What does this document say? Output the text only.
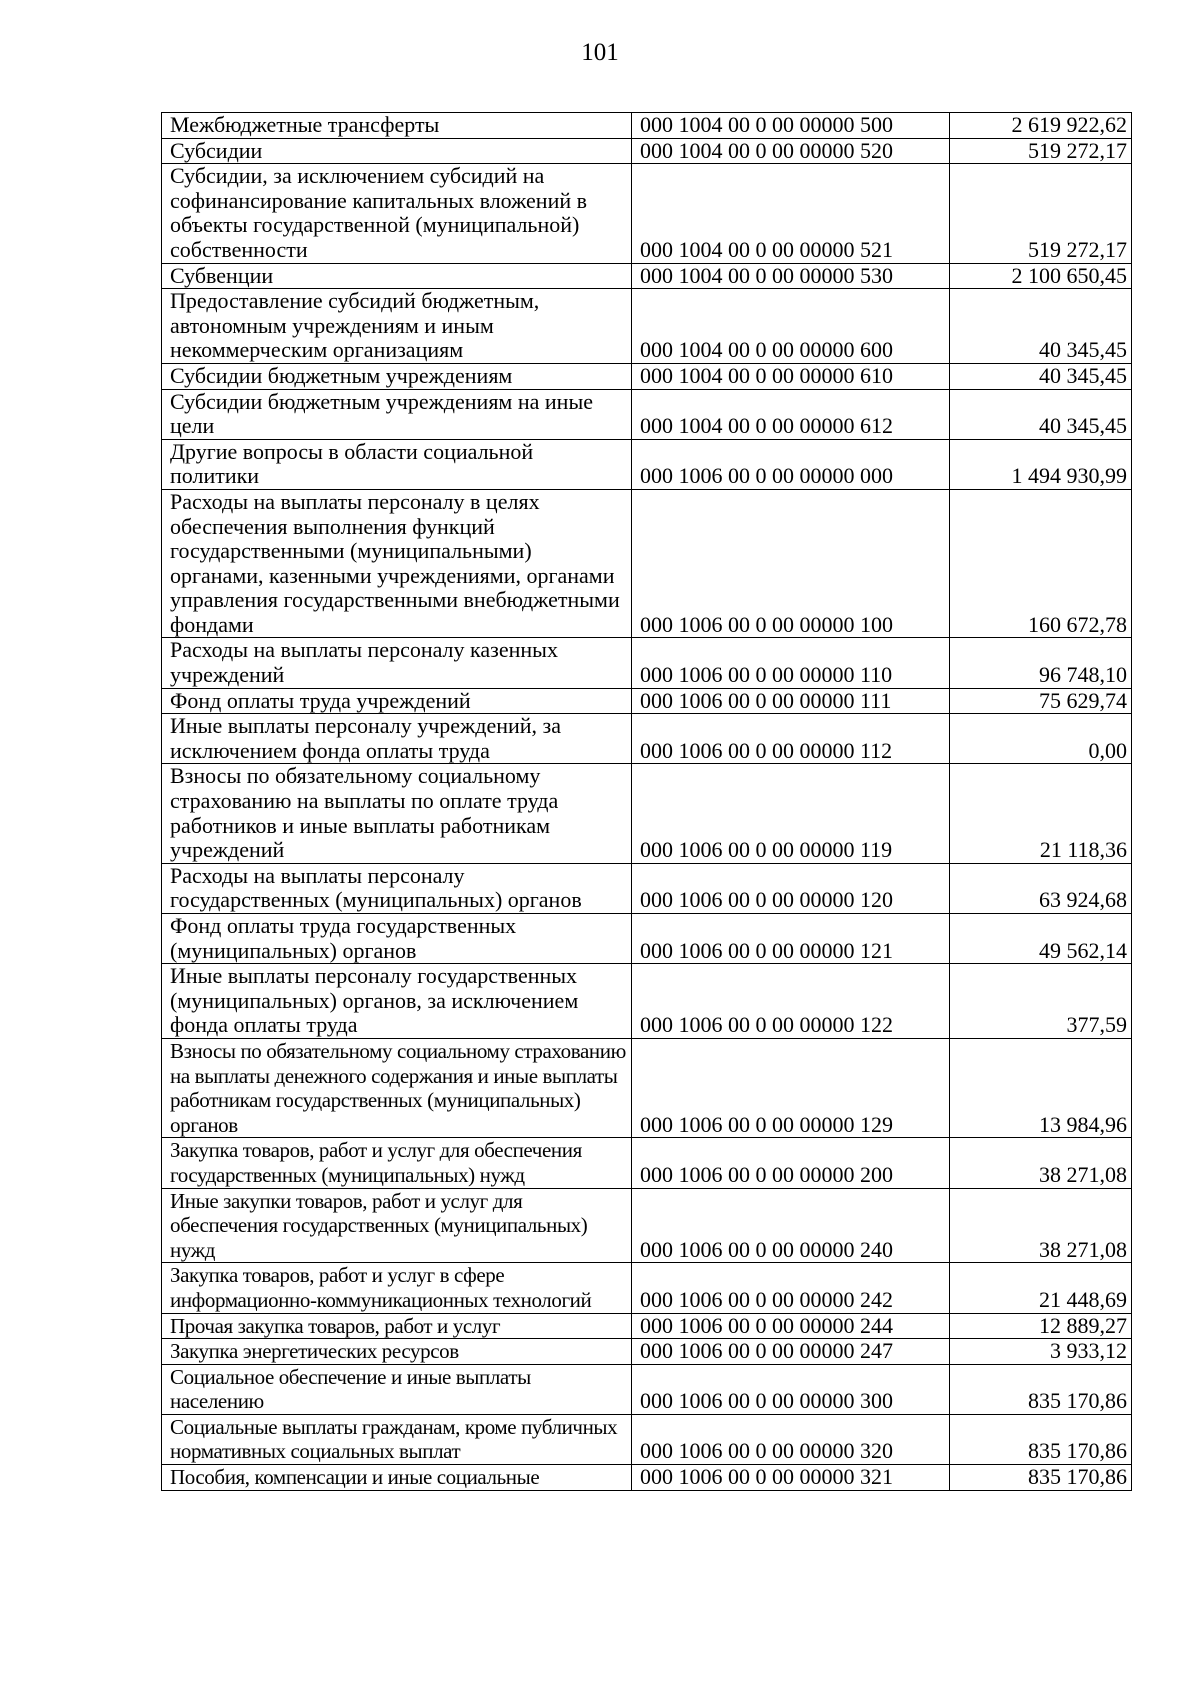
101
Межбюджетные трансферты	000 1004 00 0 00 00000 500	2 619 922,62
Субсидии	000 1004 00 0 00 00000 520	519 272,17
Субсидии, за исключением субсидий на софинансирование капитальных вложений в объекты государственной (муниципальной) собственности	000 1004 00 0 00 00000 521	519 272,17
Субвенции	000 1004 00 0 00 00000 530	2 100 650,45
Предоставление субсидий бюджетным, автономным учреждениям и иным некоммерческим организациям	000 1004 00 0 00 00000 600	40 345,45
Субсидии бюджетным учреждениям	000 1004 00 0 00 00000 610	40 345,45
Субсидии бюджетным учреждениям на иные цели	000 1004 00 0 00 00000 612	40 345,45
Другие вопросы в области социальной политики	000 1006 00 0 00 00000 000	1 494 930,99
Расходы на выплаты персоналу в целях обеспечения выполнения функций государственными (муниципальными) органами, казенными учреждениями, органами управления государственными внебюджетными фондами	000 1006 00 0 00 00000 100	160 672,78
Расходы на выплаты персоналу казенных учреждений	000 1006 00 0 00 00000 110	96 748,10
Фонд оплаты труда учреждений	000 1006 00 0 00 00000 111	75 629,74
Иные выплаты персоналу учреждений, за исключением фонда оплаты труда	000 1006 00 0 00 00000 112	0,00
Взносы по обязательному социальному страхованию на выплаты по оплате труда работников и иные выплаты работникам учреждений	000 1006 00 0 00 00000 119	21 118,36
Расходы на выплаты персоналу государственных (муниципальных) органов	000 1006 00 0 00 00000 120	63 924,68
Фонд оплаты труда государственных (муниципальных) органов	000 1006 00 0 00 00000 121	49 562,14
Иные выплаты персоналу государственных (муниципальных) органов, за исключением фонда оплаты труда	000 1006 00 0 00 00000 122	377,59
Взносы по обязательному социальному страхованию на выплаты денежного содержания и иные выплаты работникам государственных (муниципальных) органов	000 1006 00 0 00 00000 129	13 984,96
Закупка товаров, работ и услуг для обеспечения государственных (муниципальных) нужд	000 1006 00 0 00 00000 200	38 271,08
Иные закупки товаров, работ и услуг для обеспечения государственных (муниципальных) нужд	000 1006 00 0 00 00000 240	38 271,08
Закупка товаров, работ и услуг в сфере информационно-коммуникационных технологий	000 1006 00 0 00 00000 242	21 448,69
Прочая закупка товаров, работ и услуг	000 1006 00 0 00 00000 244	12 889,27
Закупка энергетических ресурсов	000 1006 00 0 00 00000 247	3 933,12
Социальное обеспечение и иные выплаты населению	000 1006 00 0 00 00000 300	835 170,86
Социальные выплаты гражданам, кроме публичных нормативных социальных выплат	000 1006 00 0 00 00000 320	835 170,86
Пособия, компенсации и иные социальные	000 1006 00 0 00 00000 321	835 170,86
